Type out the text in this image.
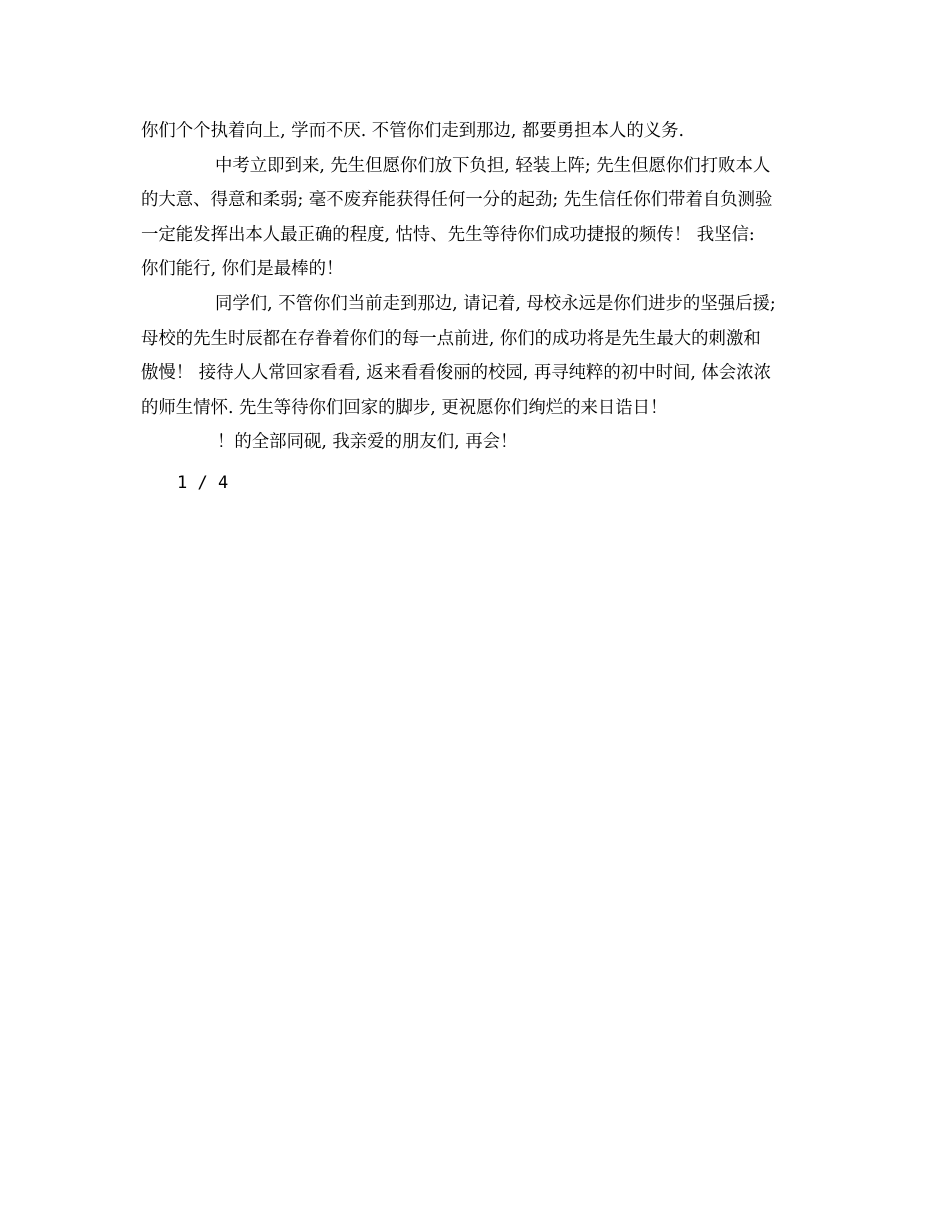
你们个个执着向上, 学而不厌. 不管你们走到那边, 都要勇担本人的义务.
中考立即到来, 先生但愿你们放下负担, 轻装上阵; 先生但愿你们打败本人
的大意、得意和柔弱; 毫不废弃能获得任何一分的起劲; 先生信任你们带着自负测验
一定能发挥出本人最正确的程度, 怙恃、先生等待你们成功捷报的频传！ 我坚信:
你们能行, 你们是最棒的！
同学们, 不管你们当前走到那边, 请记着, 母校永远是你们进步的坚强后援;
母校的先生时辰都在存眷着你们的每一点前进, 你们的成功将是先生最大的刺激和
傲慢！ 接待人人常回家看看, 返来看看俊丽的校园, 再寻纯粹的初中时间, 体会浓浓
的师生情怀. 先生等待你们回家的脚步, 更祝愿你们绚烂的来日诰日！
！的全部同砚, 我亲爱的朋友们, 再会！
1 / 4
